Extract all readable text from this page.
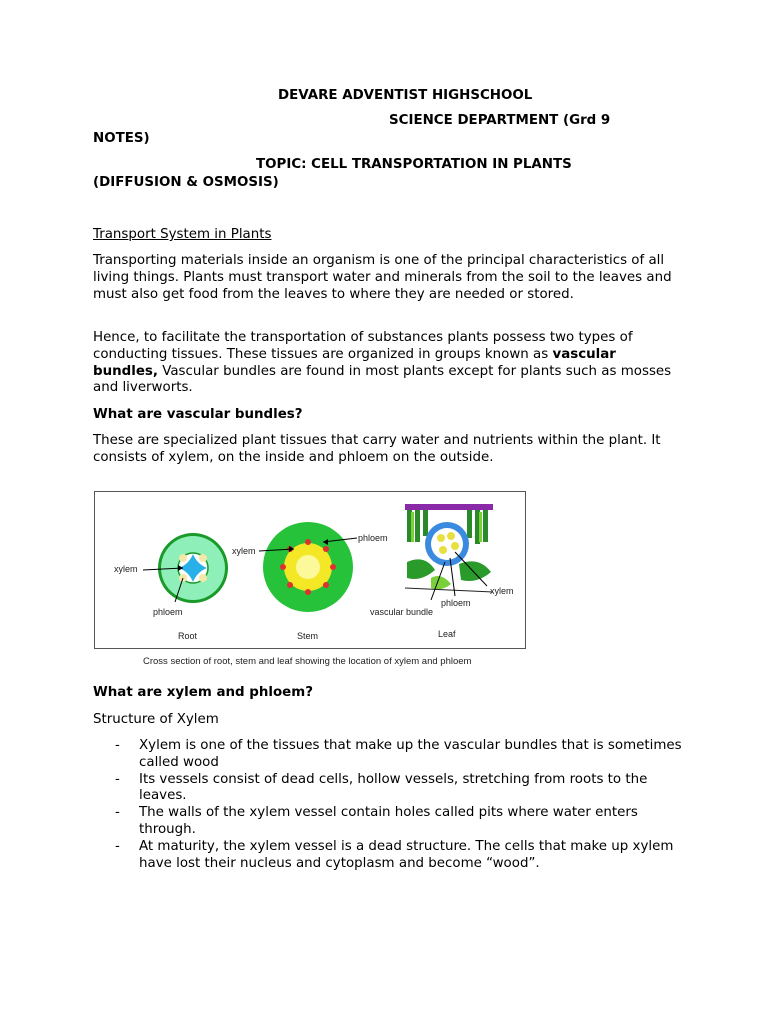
DEVARE ADVENTIST HIGHSCHOOL
SCIENCE DEPARTMENT (Grd 9
NOTES)
TOPIC: CELL TRANSPORTATION IN PLANTS
(DIFFUSION & OSMOSIS)
Transport System in Plants
Transporting materials inside an organism is one of the principal characteristics of all living things. Plants must transport water and minerals from the soil to the leaves and must also get food from the leaves to where they are needed or stored.
Hence, to facilitate the transportation of substances plants possess two types of conducting tissues. These tissues are organized in groups known as vascular bundles, Vascular bundles are found in most plants except for plants such as mosses and liverworts.
What are vascular bundles?
These are specialized plant tissues that carry water and nutrients within the plant. It consists of xylem, on the inside and phloem on the outside.
xylem
phloem
Root
xylem
phloem
Stem
xylem
phloem
vascular bundle
Leaf
Cross section of root, stem and leaf showing the location of xylem and phloem
What are xylem and phloem?
Structure of Xylem
- Xylem is one of the tissues that make up the vascular bundles that is sometimes called wood
- Its vessels consist of dead cells, hollow vessels, stretching from roots to the leaves.
- The walls of the xylem vessel contain holes called pits where water enters through.
- At maturity, the xylem vessel is a dead structure. The cells that make up xylem have lost their nucleus and cytoplasm and become “wood”.
